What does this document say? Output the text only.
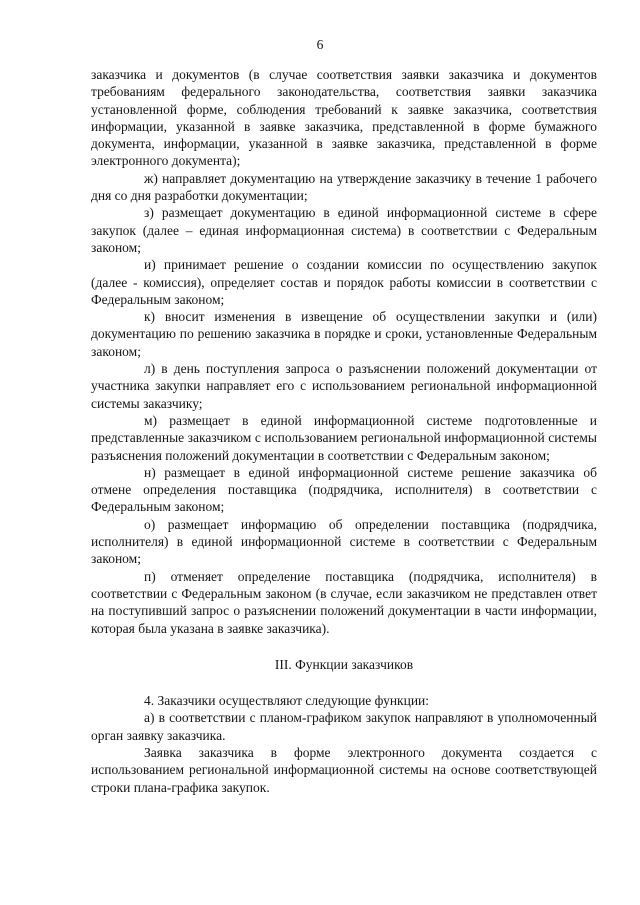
6

заказчика и документов (в случае соответствия заявки заказчика и документов требованиям федерального законодательства, соответствия заявки заказчика установленной форме, соблюдения требований к заявке заказчика, соответствия информации, указанной в заявке заказчика, представленной в форме бумажного документа, информации, указанной в заявке заказчика, представленной в форме электронного документа);

ж) направляет документацию на утверждение заказчику в течение 1 рабочего дня со дня разработки документации;

з) размещает документацию в единой информационной системе в сфере закупок (далее – единая информационная система) в соответствии с Федеральным законом;

и) принимает решение о создании комиссии по осуществлению закупок (далее - комиссия), определяет состав и порядок работы комиссии в соответствии с Федеральным законом;

к) вносит изменения в извещение об осуществлении закупки и (или) документацию по решению заказчика в порядке и сроки, установленные Федеральным законом;

л) в день поступления запроса о разъяснении положений документации от участника закупки направляет его с использованием региональной информационной системы заказчику;

м) размещает в единой информационной системе подготовленные и представленные заказчиком с использованием региональной информационной системы разъяснения положений документации в соответствии с Федеральным законом;

н) размещает в единой информационной системе решение заказчика об отмене определения поставщика (подрядчика, исполнителя) в соответствии с Федеральным законом;

о) размещает информацию об определении поставщика (подрядчика, исполнителя) в единой информационной системе в соответствии с Федеральным законом;

п) отменяет определение поставщика (подрядчика, исполнителя) в соответствии с Федеральным законом (в случае, если заказчиком не представлен ответ на поступивший запрос о разъяснении положений документации в части информации, которая была указана в заявке заказчика).

III. Функции заказчиков

4. Заказчики осуществляют следующие функции:

а) в соответствии с планом-графиком закупок направляют в уполномоченный орган заявку заказчика.

Заявка заказчика в форме электронного документа создается с использованием региональной информационной системы на основе соответствующей строки плана-графика закупок.
